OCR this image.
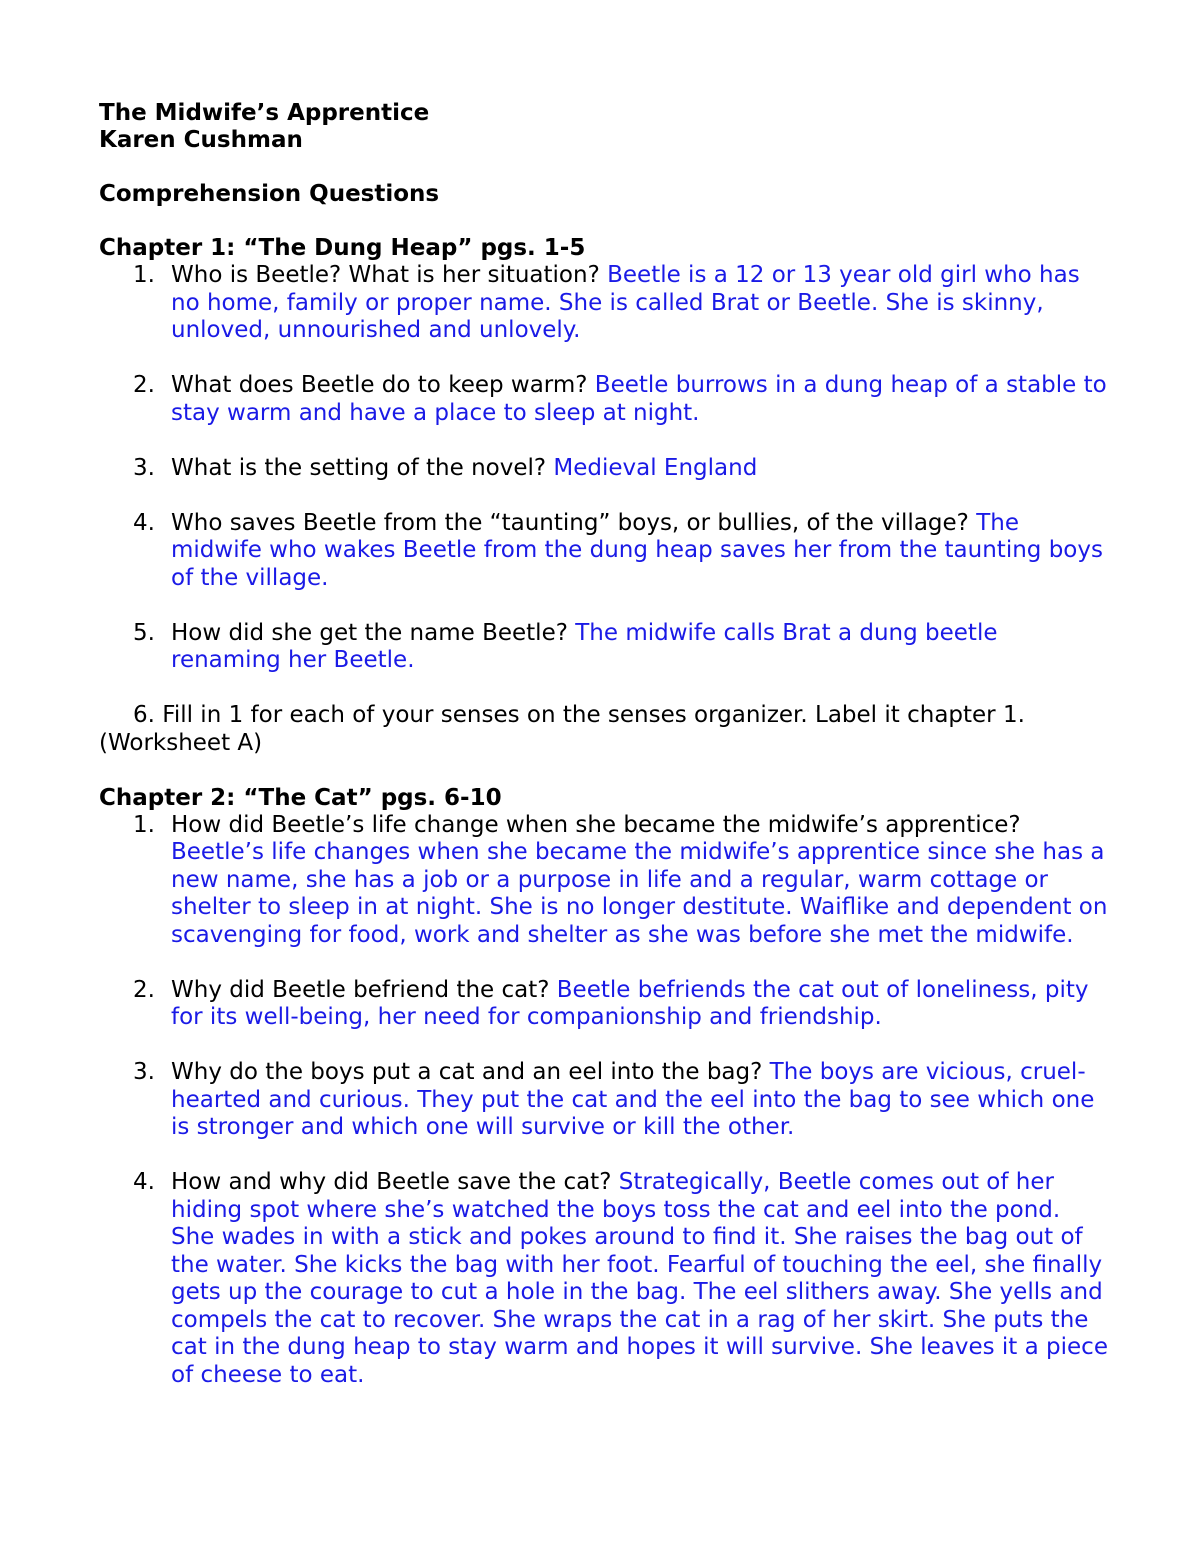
The Midwife’s Apprentice

Karen Cushman

Comprehension Questions

Chapter 1: “The Dung Heap” pgs. 1-5

1. Who is Beetle? What is her situation? Beetle is a 12 or 13 year old girl who has no home, family or proper name. She is called Brat or Beetle. She is skinny, unloved, unnourished and unlovely.
2. What does Beetle do to keep warm? Beetle burrows in a dung heap of a stable to stay warm and have a place to sleep at night.
3. What is the setting of the novel? Medieval England
4. Who saves Beetle from the “taunting” boys, or bullies, of the village? The midwife who wakes Beetle from the dung heap saves her from the taunting boys of the village.
5. How did she get the name Beetle? The midwife calls Brat a dung beetle renaming her Beetle.

6. Fill in 1 for each of your senses on the senses organizer. Label it chapter 1. (Worksheet A)

Chapter 2: “The Cat” pgs. 6-10

1. How did Beetle’s life change when she became the midwife’s apprentice? Beetle’s life changes when she became the midwife’s apprentice since she has a new name, she has a job or a purpose in life and a regular, warm cottage or shelter to sleep in at night. She is no longer destitute. Waiflike and dependent on scavenging for food, work and shelter as she was before she met the midwife.
2. Why did Beetle befriend the cat? Beetle befriends the cat out of loneliness, pity for its well-being, her need for companionship and friendship.
3. Why do the boys put a cat and an eel into the bag? The boys are vicious, cruel-hearted and curious. They put the cat and the eel into the bag to see which one is stronger and which one will survive or kill the other.
4. How and why did Beetle save the cat? Strategically, Beetle comes out of her hiding spot where she’s watched the boys toss the cat and eel into the pond. She wades in with a stick and pokes around to find it. She raises the bag out of the water. She kicks the bag with her foot. Fearful of touching the eel, she finally gets up the courage to cut a hole in the bag. The eel slithers away. She yells and compels the cat to recover. She wraps the cat in a rag of her skirt. She puts the cat in the dung heap to stay warm and hopes it will survive. She leaves it a piece of cheese to eat.
